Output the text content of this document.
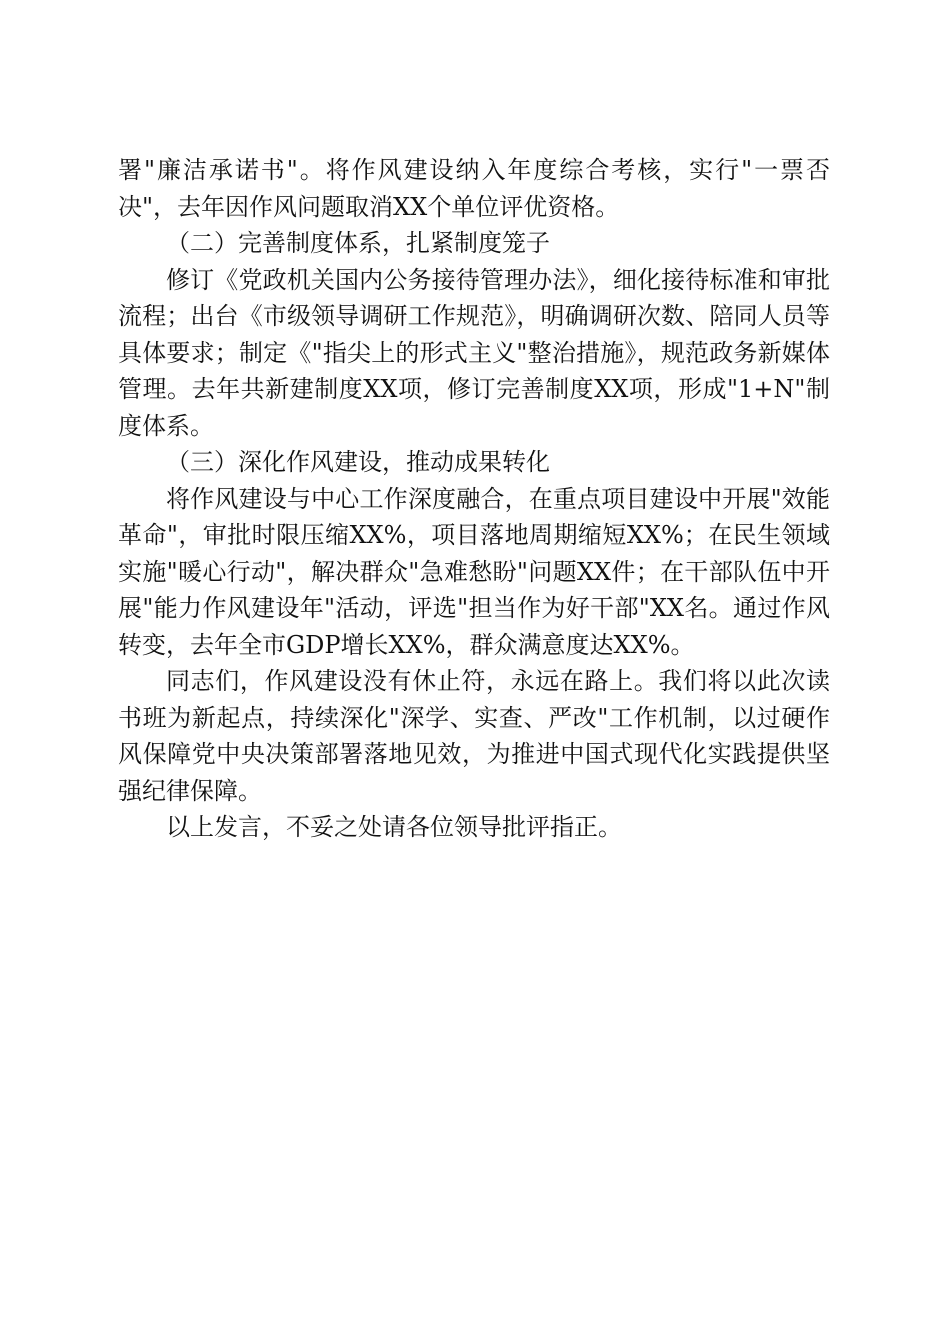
署"廉洁承诺书"。将作风建设纳入年度综合考核，实行"一票否决"，去年因作风问题取消XX个单位评优资格。

（二）完善制度体系，扎紧制度笼子

修订《党政机关国内公务接待管理办法》，细化接待标准和审批流程；出台《市级领导调研工作规范》，明确调研次数、陪同人员等具体要求；制定《"指尖上的形式主义"整治措施》，规范政务新媒体管理。去年共新建制度XX项，修订完善制度XX项，形成"1+N"制度体系。

（三）深化作风建设，推动成果转化

将作风建设与中心工作深度融合，在重点项目建设中开展"效能革命"，审批时限压缩XX%，项目落地周期缩短XX%；在民生领域实施"暖心行动"，解决群众"急难愁盼"问题XX件；在干部队伍中开展"能力作风建设年"活动，评选"担当作为好干部"XX名。通过作风转变，去年全市GDP增长XX%，群众满意度达XX%。

同志们，作风建设没有休止符，永远在路上。我们将以此次读书班为新起点，持续深化"深学、实查、严改"工作机制，以过硬作风保障党中央决策部署落地见效，为推进中国式现代化实践提供坚强纪律保障。

以上发言，不妥之处请各位领导批评指正。
